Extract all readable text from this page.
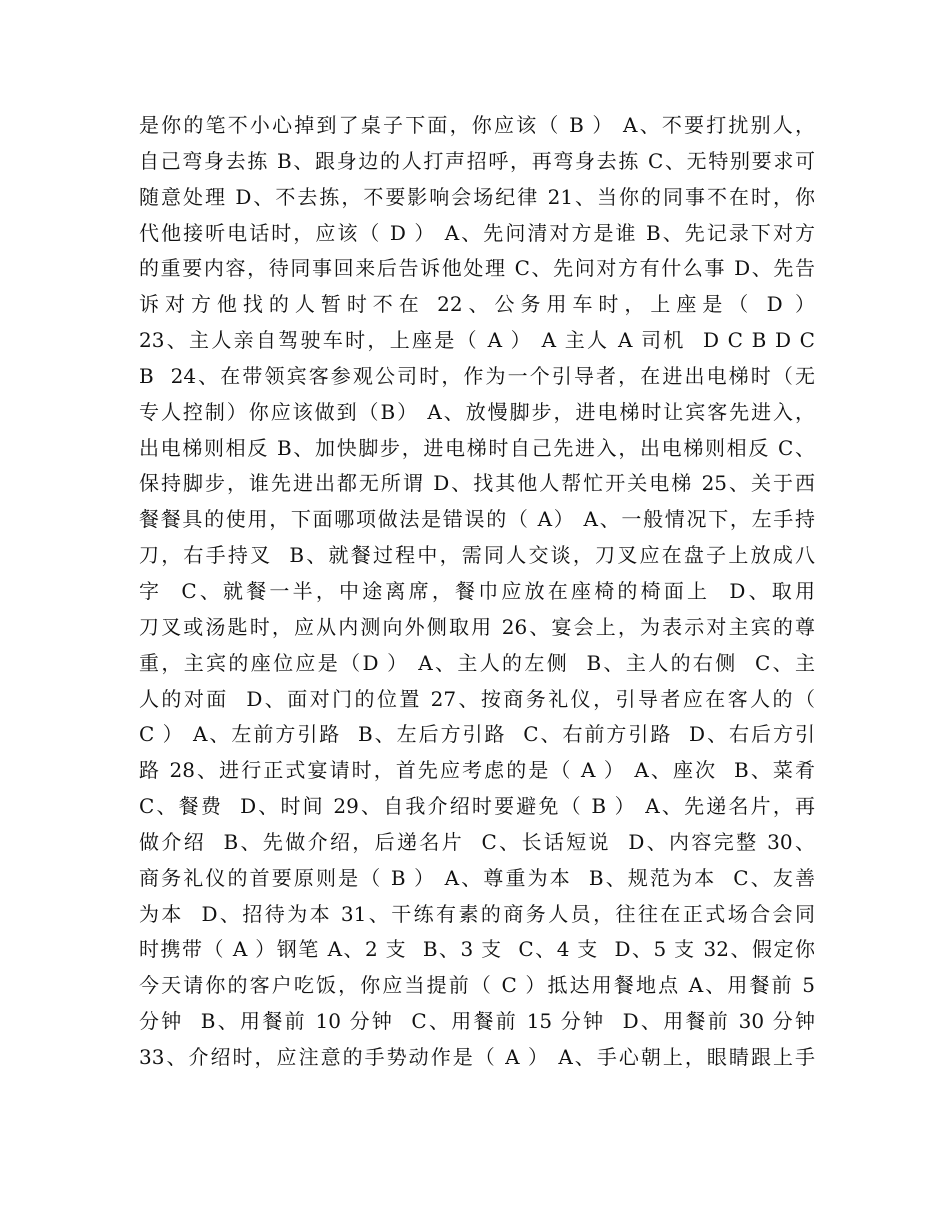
是你的笔不小心掉到了桌子下面，你应该（ B ） A、不要打扰别人，
自己弯身去拣 B、跟身边的人打声招呼，再弯身去拣 C、无特别要求可
随意处理 D、不去拣，不要影响会场纪律 21、当你的同事不在时，你
代他接听电话时，应该（ D ） A、先问清对方是谁 B、先记录下对方
的重要内容，待同事回来后告诉他处理 C、先问对方有什么事 D、先告
诉对方他找的人暂时不在 22、公务用车时，上座是（ D ）
23、主人亲自驾驶车时，上座是（ A ） A 主人 A 司机  D C B D C
B  24、在带领宾客参观公司时，作为一个引导者，在进出电梯时（无
专人控制）你应该做到（B） A、放慢脚步，进电梯时让宾客先进入，
出电梯则相反 B、加快脚步，进电梯时自己先进入，出电梯则相反 C、
保持脚步，谁先进出都无所谓 D、找其他人帮忙开关电梯 25、关于西
餐餐具的使用，下面哪项做法是错误的（ A） A、一般情况下，左手持
刀，右手持叉  B、就餐过程中，需同人交谈，刀叉应在盘子上放成八
字  C、就餐一半，中途离席，餐巾应放在座椅的椅面上  D、取用
刀叉或汤匙时，应从内测向外侧取用 26、宴会上，为表示对主宾的尊
重，主宾的座位应是（D ） A、主人的左侧  B、主人的右侧  C、主
人的对面  D、面对门的位置 27、按商务礼仪，引导者应在客人的（
C ） A、左前方引路  B、左后方引路  C、右前方引路  D、右后方引
路 28、进行正式宴请时，首先应考虑的是（ A ） A、座次  B、菜肴
C、餐费  D、时间 29、自我介绍时要避免（ B ） A、先递名片，再
做介绍  B、先做介绍，后递名片  C、长话短说  D、内容完整 30、
商务礼仪的首要原则是（ B ） A、尊重为本  B、规范为本  C、友善
为本  D、招待为本 31、干练有素的商务人员，往往在正式场合会同
时携带（ A ）钢笔 A、2 支  B、3 支  C、4 支  D、5 支 32、假定你
今天请你的客户吃饭，你应当提前（ C ）抵达用餐地点 A、用餐前 5
分钟  B、用餐前 10 分钟  C、用餐前 15 分钟  D、用餐前 30 分钟
33、介绍时，应注意的手势动作是（ A ） A、手心朝上，眼睛跟上手
